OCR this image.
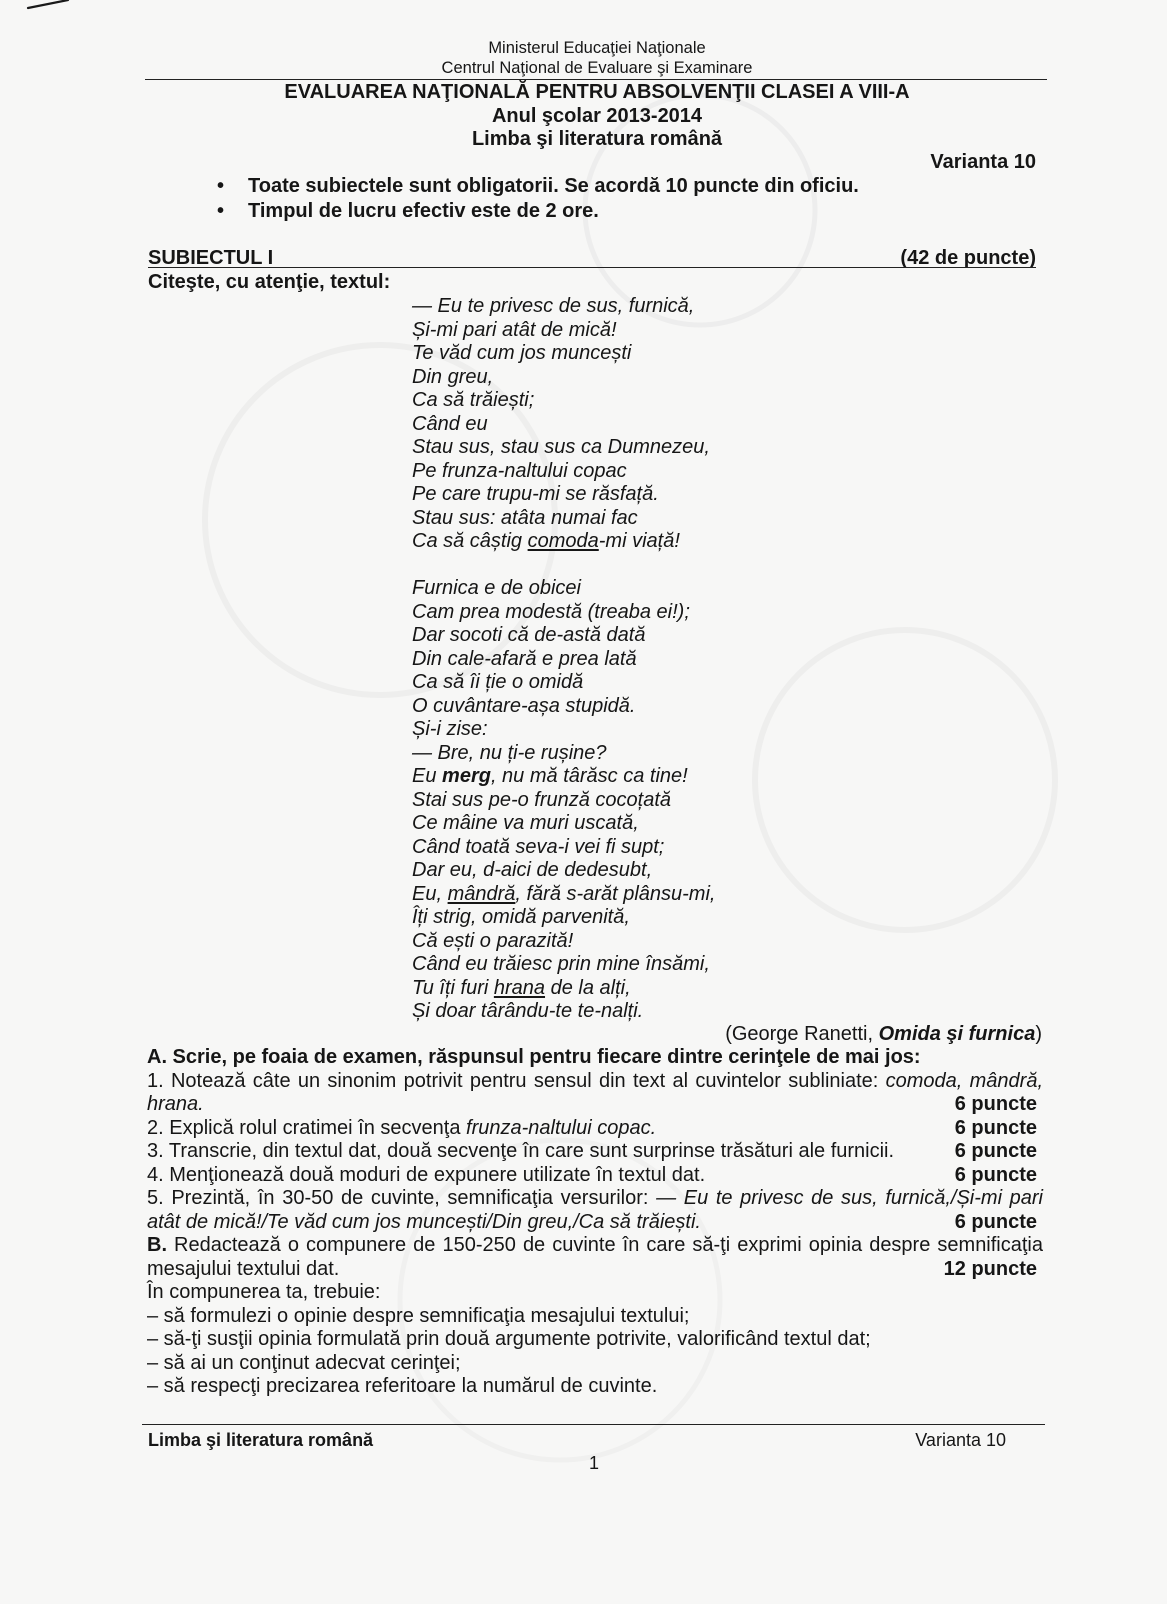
Ministerul Educaţiei Naţionale
Centrul Naţional de Evaluare şi Examinare
EVALUAREA NAŢIONALĂ PENTRU ABSOLVENŢII CLASEI A VIII-A
Anul şcolar 2013-2014
Limba şi literatura română
Varianta 10
• Toate subiectele sunt obligatorii. Se acordă 10 puncte din oficiu.
• Timpul de lucru efectiv este de 2 ore.
SUBIECTUL I	(42 de puncte)
Citeşte, cu atenţie, textul:
— Eu te privesc de sus, furnică,
Și-mi pari atât de mică!
Te văd cum jos muncești
Din greu,
Ca să trăiești;
Când eu
Stau sus, stau sus ca Dumnezeu,
Pe frunza-naltului copac
Pe care trupu-mi se răsfață.
Stau sus: atâta numai fac
Ca să câștig comoda-mi viață!
Furnica e de obicei
Cam prea modestă (treaba ei!);
Dar socoti că de-astă dată
Din cale-afară e prea lată
Ca să îi ție o omidă
O cuvântare-așa stupidă.
Și-i zise:
— Bre, nu ți-e rușine?
Eu merg, nu mă târăsc ca tine!
Stai sus pe-o frunză cocoțată
Ce mâine va muri uscată,
Când toată seva-i vei fi supt;
Dar eu, d-aici de dedesubt,
Eu, mândră, fără s-arăt plânsu-mi,
Îți strig, omidă parvenită,
Că ești o parazită!
Când eu trăiesc prin mine însămi,
Tu îți furi hrana de la alți,
Și doar târându-te te-nalți.
(George Ranetti, Omida şi furnica)
A. Scrie, pe foaia de examen, răspunsul pentru fiecare dintre cerinţele de mai jos:
1. Notează câte un sinonim potrivit pentru sensul din text al cuvintelor subliniate: comoda, mândră,
hrana.	6 puncte
2. Explică rolul cratimei în secvenţa frunza-naltului copac.	6 puncte
3. Transcrie, din textul dat, două secvenţe în care sunt surprinse trăsături ale furnicii.	6 puncte
4. Menţionează două moduri de expunere utilizate în textul dat.	6 puncte
5. Prezintă, în 30-50 de cuvinte, semnificaţia versurilor: — Eu te privesc de sus, furnică,/Și-mi pari
atât de mică!/Te văd cum jos muncești/Din greu,/Ca să trăiești.	6 puncte
B. Redactează o compunere de 150-250 de cuvinte în care să-ţi exprimi opinia despre semnificaţia
mesajului textului dat.	12 puncte
În compunerea ta, trebuie:
– să formulezi o opinie despre semnificaţia mesajului textului;
– să-ţi susţii opinia formulată prin două argumente potrivite, valorificând textul dat;
– să ai un conţinut adecvat cerinţei;
– să respecţi precizarea referitoare la numărul de cuvinte.
Limba şi literatura română	Varianta 10
1
